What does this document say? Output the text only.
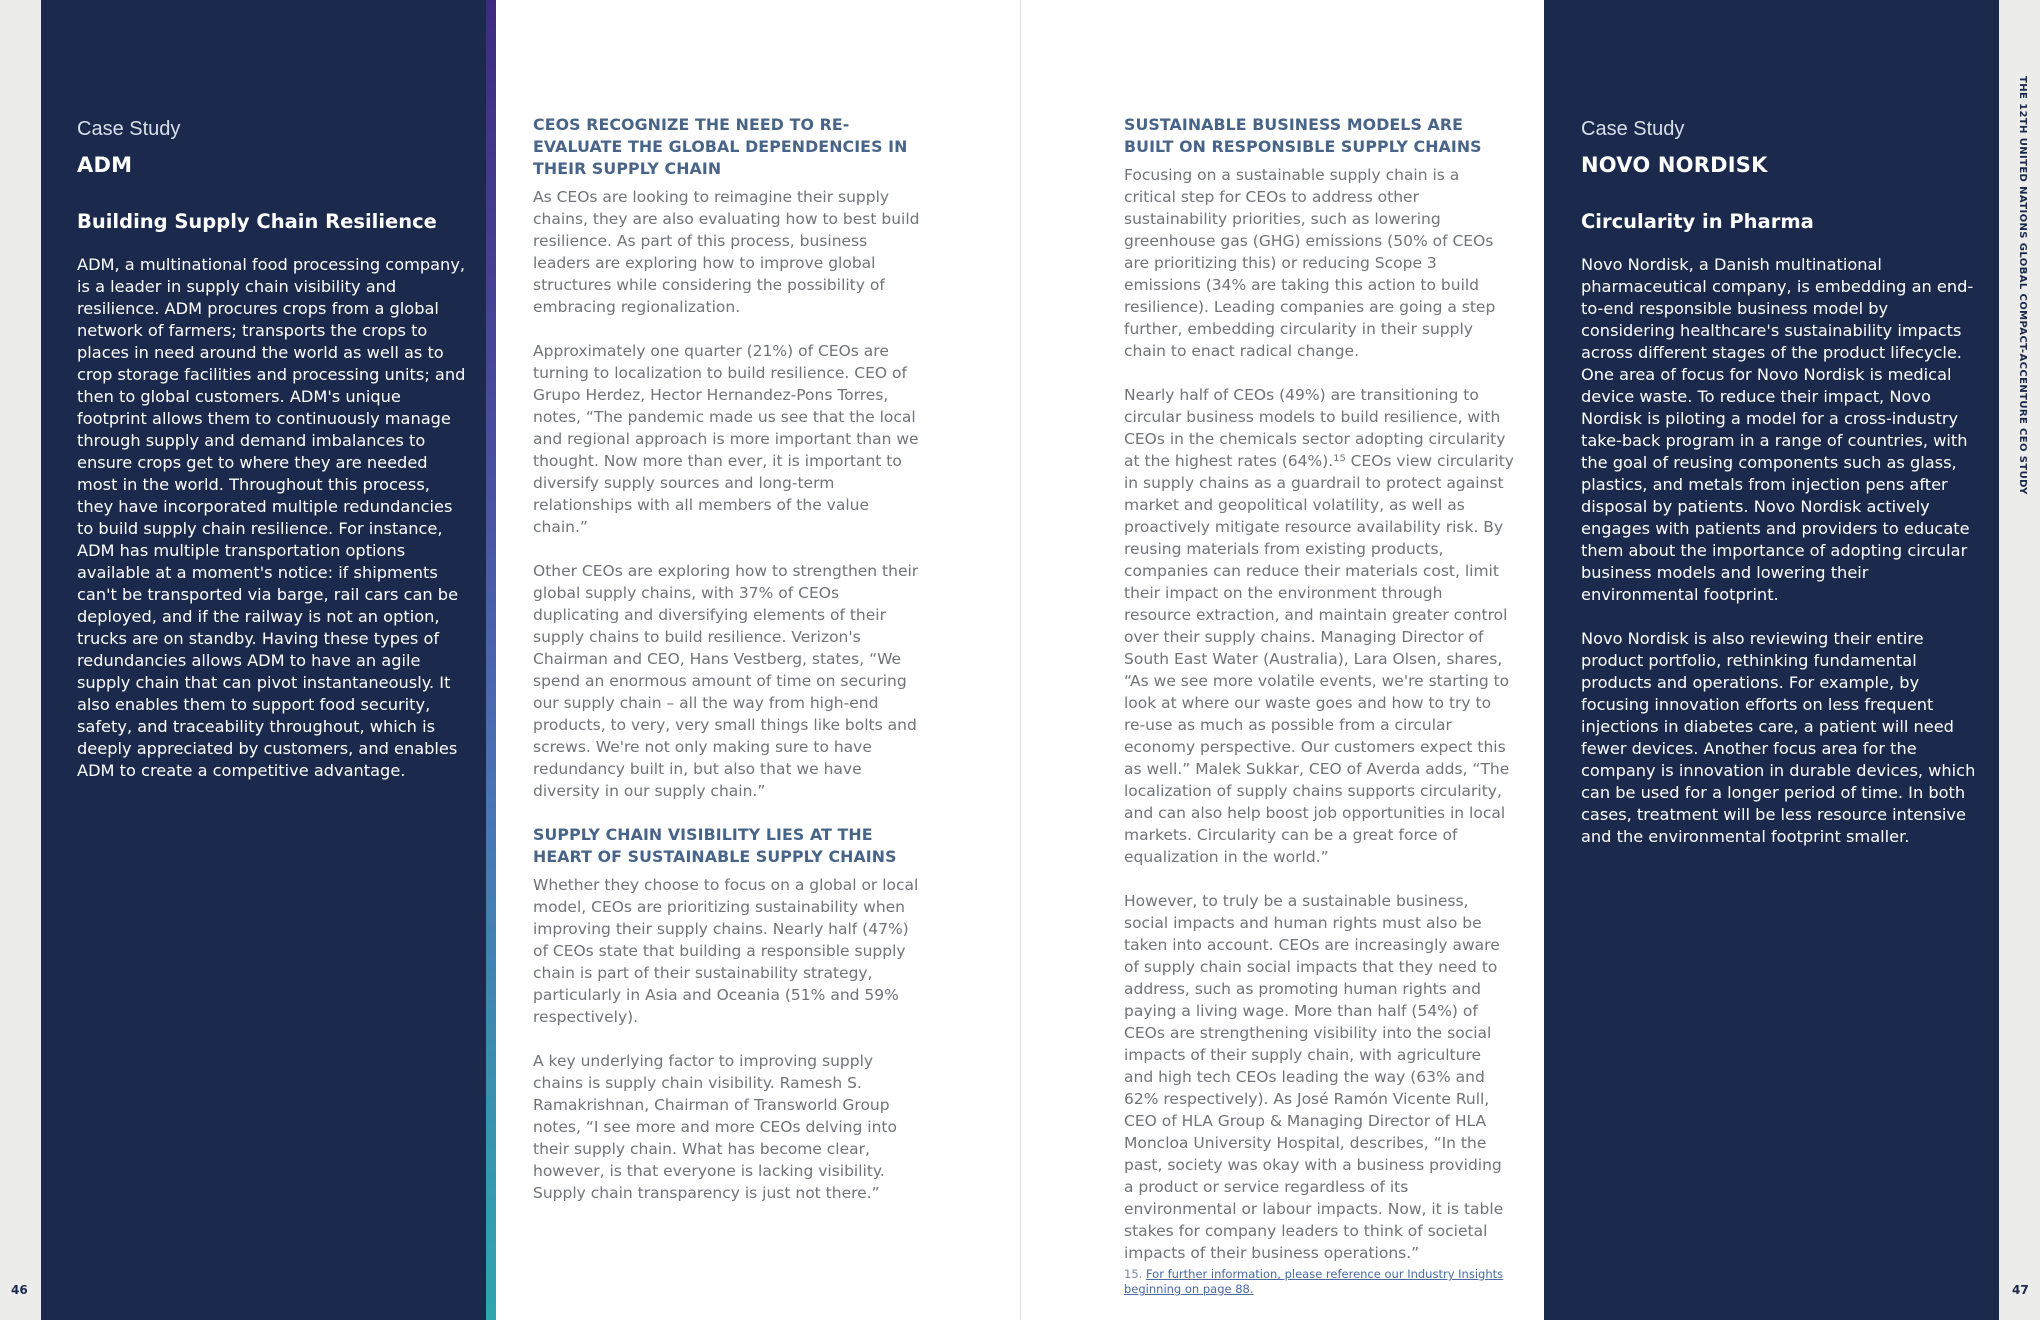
Case Study
ADM
Building Supply Chain Resilience

ADM, a multinational food processing company, is a leader in supply chain visibility and resilience. ADM procures crops from a global network of farmers; transports the crops to places in need around the world as well as to crop storage facilities and processing units; and then to global customers. ADM's unique footprint allows them to continuously manage through supply and demand imbalances to ensure crops get to where they are needed most in the world. Throughout this process, they have incorporated multiple redundancies to build supply chain resilience. For instance, ADM has multiple transportation options available at a moment's notice: if shipments can't be transported via barge, rail cars can be deployed, and if the railway is not an option, trucks are on standby. Having these types of redundancies allows ADM to have an agile supply chain that can pivot instantaneously. It also enables them to support food security, safety, and traceability throughout, which is deeply appreciated by customers, and enables ADM to create a competitive advantage.

CEOS RECOGNIZE THE NEED TO RE-EVALUATE THE GLOBAL DEPENDENCIES IN THEIR SUPPLY CHAIN

As CEOs are looking to reimagine their supply chains, they are also evaluating how to best build resilience. As part of this process, business leaders are exploring how to improve global structures while considering the possibility of embracing regionalization.

Approximately one quarter (21%) of CEOs are turning to localization to build resilience. CEO of Grupo Herdez, Hector Hernandez-Pons Torres, notes, “The pandemic made us see that the local and regional approach is more important than we thought. Now more than ever, it is important to diversify supply sources and long-term relationships with all members of the value chain.”

Other CEOs are exploring how to strengthen their global supply chains, with 37% of CEOs duplicating and diversifying elements of their supply chains to build resilience. Verizon's Chairman and CEO, Hans Vestberg, states, “We spend an enormous amount of time on securing our supply chain – all the way from high-end products, to very, very small things like bolts and screws. We're not only making sure to have redundancy built in, but also that we have diversity in our supply chain.”

SUPPLY CHAIN VISIBILITY LIES AT THE HEART OF SUSTAINABLE SUPPLY CHAINS

Whether they choose to focus on a global or local model, CEOs are prioritizing sustainability when improving their supply chains. Nearly half (47%) of CEOs state that building a responsible supply chain is part of their sustainability strategy, particularly in Asia and Oceania (51% and 59% respectively).

A key underlying factor to improving supply chains is supply chain visibility. Ramesh S. Ramakrishnan, Chairman of Transworld Group notes, “I see more and more CEOs delving into their supply chain. What has become clear, however, is that everyone is lacking visibility. Supply chain transparency is just not there.”

SUSTAINABLE BUSINESS MODELS ARE BUILT ON RESPONSIBLE SUPPLY CHAINS

Focusing on a sustainable supply chain is a critical step for CEOs to address other sustainability priorities, such as lowering greenhouse gas (GHG) emissions (50% of CEOs are prioritizing this) or reducing Scope 3 emissions (34% are taking this action to build resilience). Leading companies are going a step further, embedding circularity in their supply chain to enact radical change.

Nearly half of CEOs (49%) are transitioning to circular business models to build resilience, with CEOs in the chemicals sector adopting circularity at the highest rates (64%).¹⁵ CEOs view circularity in supply chains as a guardrail to protect against market and geopolitical volatility, as well as proactively mitigate resource availability risk. By reusing materials from existing products, companies can reduce their materials cost, limit their impact on the environment through resource extraction, and maintain greater control over their supply chains. Managing Director of South East Water (Australia), Lara Olsen, shares, “As we see more volatile events, we're starting to look at where our waste goes and how to try to re-use as much as possible from a circular economy perspective. Our customers expect this as well.” Malek Sukkar, CEO of Averda adds, “The localization of supply chains supports circularity, and can also help boost job opportunities in local markets. Circularity can be a great force of equalization in the world.”

However, to truly be a sustainable business, social impacts and human rights must also be taken into account. CEOs are increasingly aware of supply chain social impacts that they need to address, such as promoting human rights and paying a living wage. More than half (54%) of CEOs are strengthening visibility into the social impacts of their supply chain, with agriculture and high tech CEOs leading the way (63% and 62% respectively). As José Ramón Vicente Rull, CEO of HLA Group & Managing Director of HLA Moncloa University Hospital, describes, “In the past, society was okay with a business providing a product or service regardless of its environmental or labour impacts. Now, it is table stakes for company leaders to think of societal impacts of their business operations.”

15. For further information, please reference our Industry Insights beginning on page 88.
Case Study
NOVO NORDISK
Circularity in Pharma

Novo Nordisk, a Danish multinational pharmaceutical company, is embedding an end-to-end responsible business model by considering healthcare's sustainability impacts across different stages of the product lifecycle. One area of focus for Novo Nordisk is medical device waste. To reduce their impact, Novo Nordisk is piloting a model for a cross-industry take-back program in a range of countries, with the goal of reusing components such as glass, plastics, and metals from injection pens after disposal by patients. Novo Nordisk actively engages with patients and providers to educate them about the importance of adopting circular business models and lowering their environmental footprint.

Novo Nordisk is also reviewing their entire product portfolio, rethinking fundamental products and operations. For example, by focusing innovation efforts on less frequent injections in diabetes care, a patient will need fewer devices. Another focus area for the company is innovation in durable devices, which can be used for a longer period of time. In both cases, treatment will be less resource intensive and the environmental footprint smaller.

46	47
THE 12TH UNITED NATIONS GLOBAL COMPACT-ACCENTURE CEO STUDY
